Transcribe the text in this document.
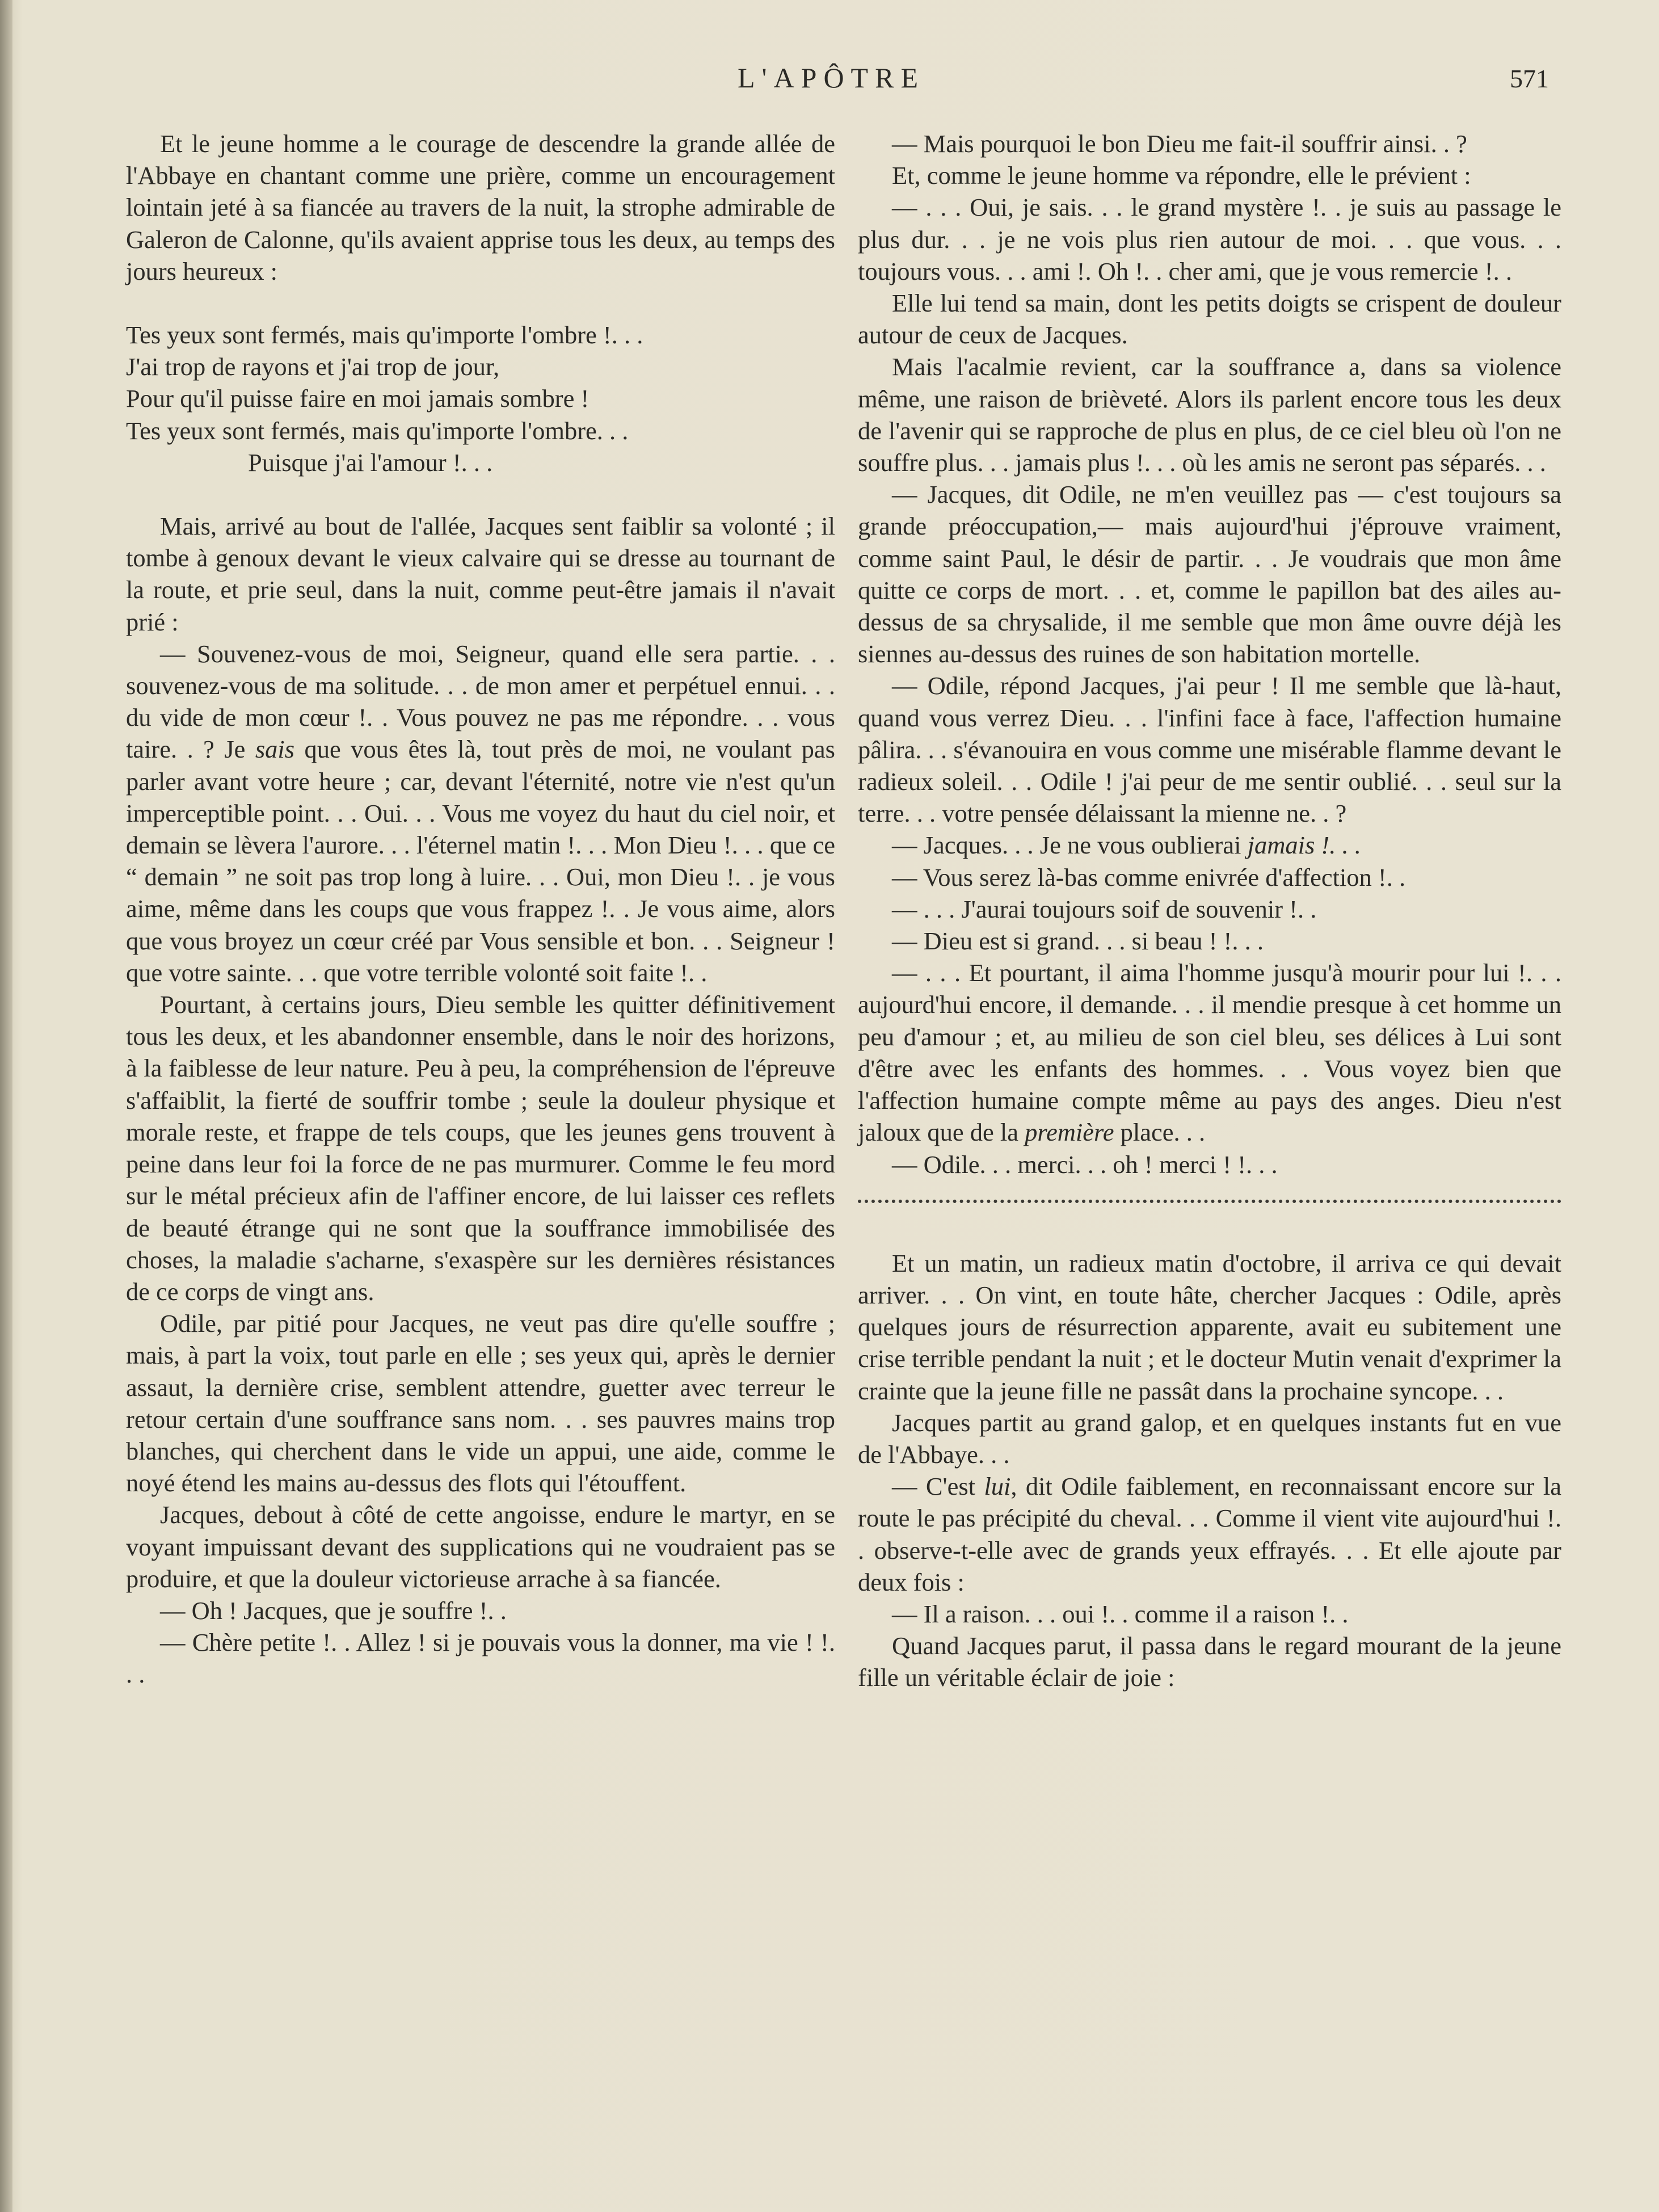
L'APÔTRE	571

Et le jeune homme a le courage de descendre la grande allée de l'Abbaye en chantant comme une prière, comme un encouragement lointain jeté à sa fiancée au travers de la nuit, la strophe admirable de Galeron de Calonne, qu'ils avaient apprise tous les deux, au temps des jours heureux :

Tes yeux sont fermés, mais qu'importe l'ombre !. . .
J'ai trop de rayons et j'ai trop de jour,
Pour qu'il puisse faire en moi jamais sombre !
Tes yeux sont fermés, mais qu'importe l'ombre. . .
Puisque j'ai l'amour !. . .

Mais, arrivé au bout de l'allée, Jacques sent faiblir sa volonté ; il tombe à genoux devant le vieux calvaire qui se dresse au tournant de la route, et prie seul, dans la nuit, comme peut-être jamais il n'avait prié :

— Souvenez-vous de moi, Seigneur, quand elle sera partie. . . souvenez-vous de ma solitude. . . de mon amer et perpétuel ennui. . . du vide de mon cœur !. . Vous pouvez ne pas me répondre. . . vous taire. . ? Je sais que vous êtes là, tout près de moi, ne voulant pas parler avant votre heure ; car, devant l'éternité, notre vie n'est qu'un imperceptible point. . . Oui. . . Vous me voyez du haut du ciel noir, et demain se lèvera l'aurore. . . l'éternel matin !. . . Mon Dieu !. . . que ce “ demain ” ne soit pas trop long à luire. . . Oui, mon Dieu !. . je vous aime, même dans les coups que vous frappez !. . Je vous aime, alors que vous broyez un cœur créé par Vous sensible et bon. . . Seigneur ! que votre sainte. . . que votre terrible volonté soit faite !. .

Pourtant, à certains jours, Dieu semble les quitter définitivement tous les deux, et les abandonner ensemble, dans le noir des horizons, à la faiblesse de leur nature. Peu à peu, la compréhension de l'épreuve s'affaiblit, la fierté de souffrir tombe ; seule la douleur physique et morale reste, et frappe de tels coups, que les jeunes gens trouvent à peine dans leur foi la force de ne pas murmurer. Comme le feu mord sur le métal précieux afin de l'affiner encore, de lui laisser ces reflets de beauté étrange qui ne sont que la souffrance immobilisée des choses, la maladie s'acharne, s'exaspère sur les dernières résistances de ce corps de vingt ans.

Odile, par pitié pour Jacques, ne veut pas dire qu'elle souffre ; mais, à part la voix, tout parle en elle ; ses yeux qui, après le dernier assaut, la dernière crise, semblent attendre, guetter avec terreur le retour certain d'une souffrance sans nom. . . ses pauvres mains trop blanches, qui cherchent dans le vide un appui, une aide, comme le noyé étend les mains au-dessus des flots qui l'étouffent.

Jacques, debout à côté de cette angoisse, endure le martyr, en se voyant impuissant devant des supplications qui ne voudraient pas se produire, et que la douleur victorieuse arrache à sa fiancée.

— Oh ! Jacques, que je souffre !. .

— Chère petite !. . Allez ! si je pouvais vous la donner, ma vie ! !. . .

— Mais pourquoi le bon Dieu me fait-il souffrir ainsi. . ?

Et, comme le jeune homme va répondre, elle le prévient :

— . . . Oui, je sais. . . le grand mystère !. . je suis au passage le plus dur. . . je ne vois plus rien autour de moi. . . que vous. . . toujours vous. . . ami !. Oh !. . cher ami, que je vous remercie !. .

Elle lui tend sa main, dont les petits doigts se crispent de douleur autour de ceux de Jacques.

Mais l'acalmie revient, car la souffrance a, dans sa violence même, une raison de brièveté. Alors ils parlent encore tous les deux de l'avenir qui se rapproche de plus en plus, de ce ciel bleu où l'on ne souffre plus. . . jamais plus !. . . où les amis ne seront pas séparés. . .

— Jacques, dit Odile, ne m'en veuillez pas — c'est toujours sa grande préoccupation,— mais aujourd'hui j'éprouve vraiment, comme saint Paul, le désir de partir. . . Je voudrais que mon âme quitte ce corps de mort. . . et, comme le papillon bat des ailes au-dessus de sa chrysalide, il me semble que mon âme ouvre déjà les siennes au-dessus des ruines de son habitation mortelle.

— Odile, répond Jacques, j'ai peur ! Il me semble que là-haut, quand vous verrez Dieu. . . l'infini face à face, l'affection humaine pâlira. . . s'évanouira en vous comme une misérable flamme devant le radieux soleil. . . Odile ! j'ai peur de me sentir oublié. . . seul sur la terre. . . votre pensée délaissant la mienne ne. . ?

— Jacques. . . Je ne vous oublierai jamais !. . .

— Vous serez là-bas comme enivrée d'affection !. .

— . . . J'aurai toujours soif de souvenir !. .

— Dieu est si grand. . . si beau ! !. . .

— . . . Et pourtant, il aima l'homme jusqu'à mourir pour lui !. . . aujourd'hui encore, il demande. . . il mendie presque à cet homme un peu d'amour ; et, au milieu de son ciel bleu, ses délices à Lui sont d'être avec les enfants des hommes. . . Vous voyez bien que l'affection humaine compte même au pays des anges. Dieu n'est jaloux que de la première place. . .

— Odile. . . merci. . . oh ! merci ! !. . .

Et un matin, un radieux matin d'octobre, il arriva ce qui devait arriver. . . On vint, en toute hâte, chercher Jacques : Odile, après quelques jours de résurrection apparente, avait eu subitement une crise terrible pendant la nuit ; et le docteur Mutin venait d'exprimer la crainte que la jeune fille ne passât dans la prochaine syncope. . .

Jacques partit au grand galop, et en quelques instants fut en vue de l'Abbaye. . .

— C'est lui, dit Odile faiblement, en reconnaissant encore sur la route le pas précipité du cheval. . . Comme il vient vite aujourd'hui !. . observe-t-elle avec de grands yeux effrayés. . . Et elle ajoute par deux fois :

— Il a raison. . . oui !. . comme il a raison !. .

Quand Jacques parut, il passa dans le regard mourant de la jeune fille un véritable éclair de joie :
